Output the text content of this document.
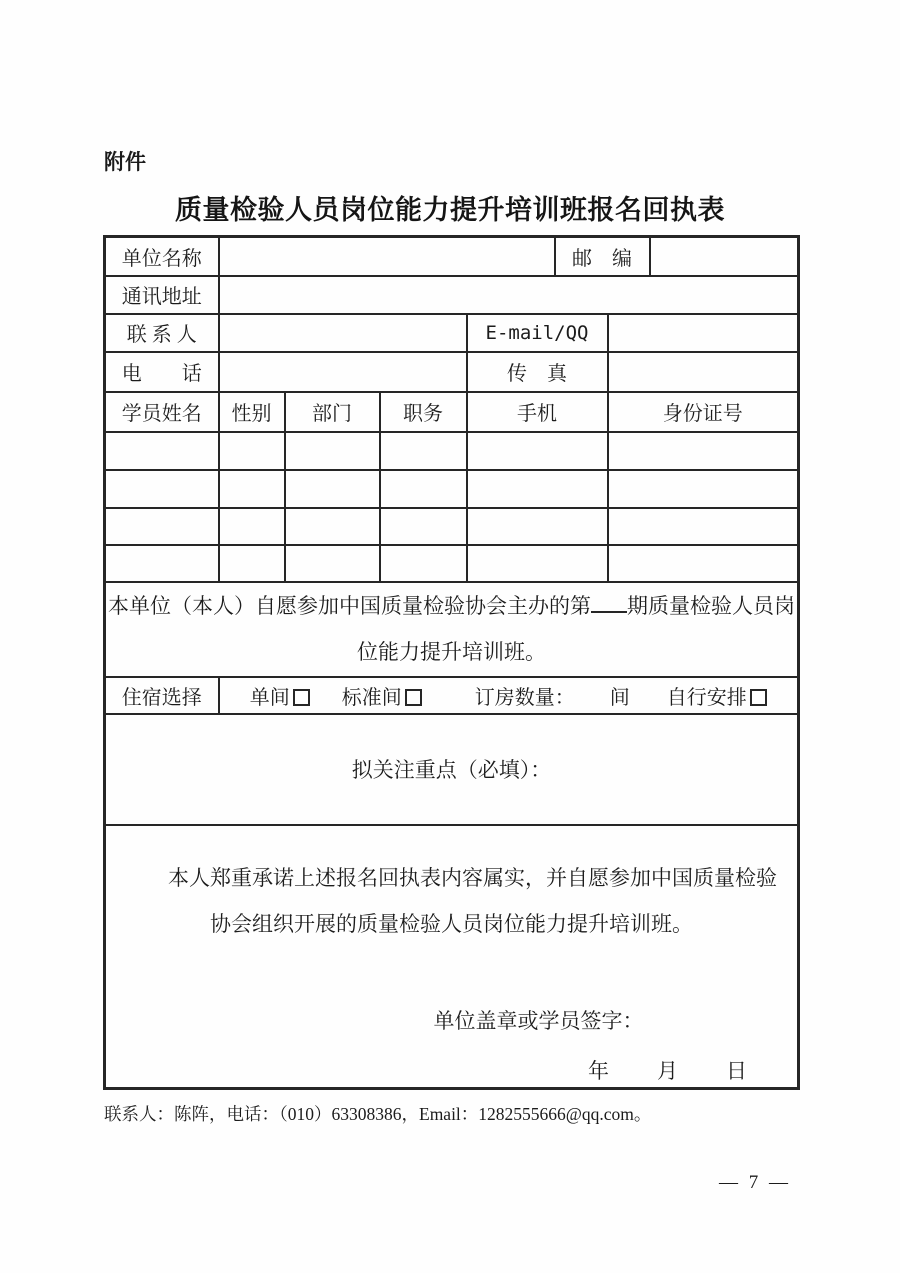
附件
质量检验人员岗位能力提升培训班报名回执表
单位名称					邮　编		
通讯地址							
联 系 人				E-mail/QQ			
电　　话				传　真			
学员姓名	性别	部门	职务	手机		身份证号	

本单位（本人）自愿参加中国质量检验协会主办的第 期质量检验人员岗位能力提升培训班。							
住宿选择	单间 标准间 订房数量： 间 自行安排						
拟关注重点（必填）：							

本人郑重承诺上述报名回执表内容属实，并自愿参加中国质量检验协会组织开展的质量检验人员岗位能力提升培训班。

单位盖章或学员签字：
年　　月　　日							
联系人：陈阵，电话：（010）63308386，Email：1282555666@qq.com。
— 7 —
